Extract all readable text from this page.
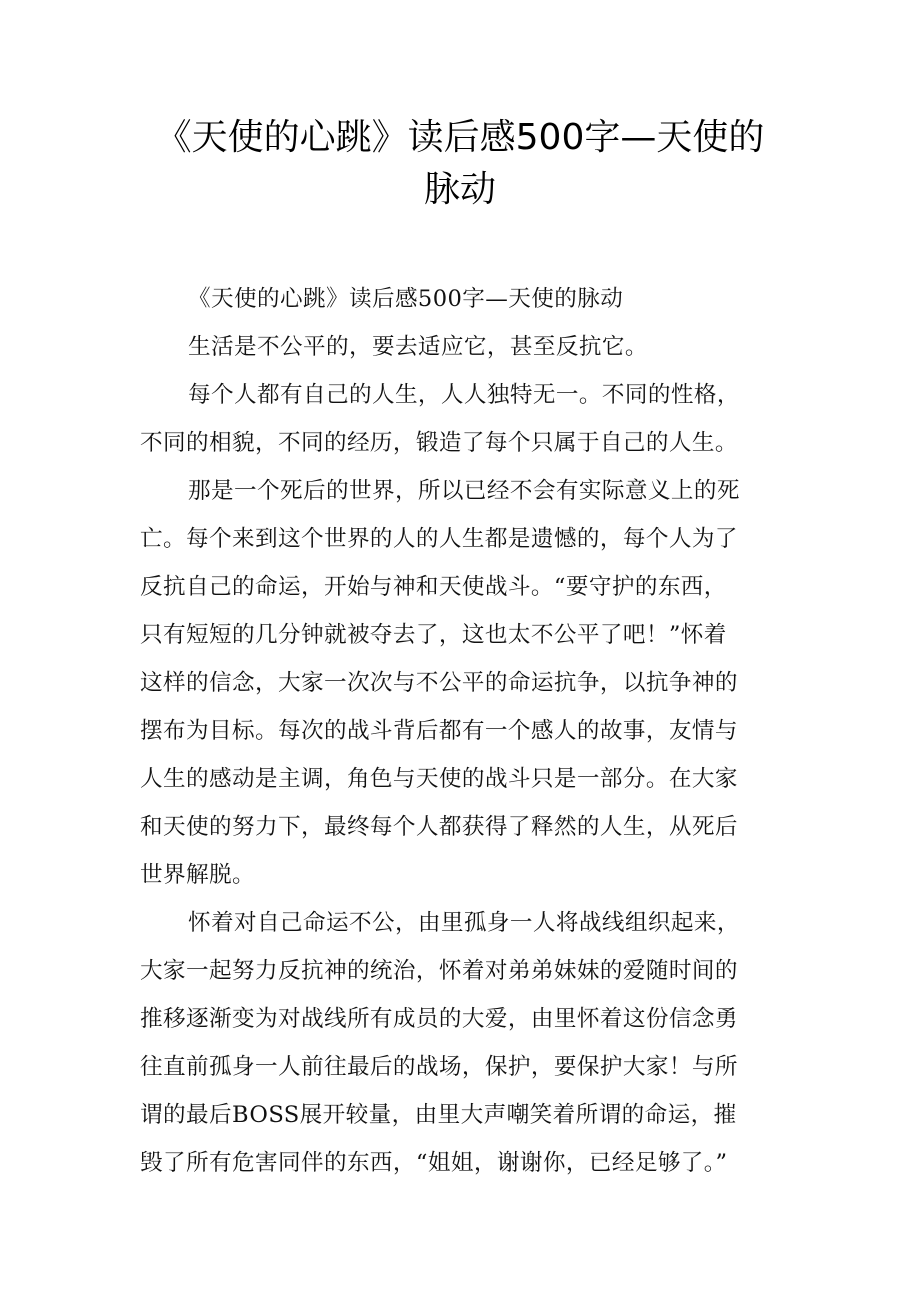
《天使的心跳》读后感500字—天使的
脉动
《天使的心跳》读后感500字—天使的脉动
生活是不公平的，要去适应它，甚至反抗它。
每个人都有自己的人生，人人独特无一。不同的性格，
不同的相貌，不同的经历，锻造了每个只属于自己的人生。
那是一个死后的世界，所以已经不会有实际意义上的死
亡。每个来到这个世界的人的人生都是遗憾的，每个人为了
反抗自己的命运，开始与神和天使战斗。“要守护的东西，
只有短短的几分钟就被夺去了，这也太不公平了吧！”怀着
这样的信念，大家一次次与不公平的命运抗争，以抗争神的
摆布为目标。每次的战斗背后都有一个感人的故事，友情与
人生的感动是主调，角色与天使的战斗只是一部分。在大家
和天使的努力下，最终每个人都获得了释然的人生，从死后
世界解脱。
怀着对自己命运不公，由里孤身一人将战线组织起来，
大家一起努力反抗神的统治，怀着对弟弟妹妹的爱随时间的
推移逐渐变为对战线所有成员的大爱，由里怀着这份信念勇
往直前孤身一人前往最后的战场，保护，要保护大家！与所
谓的最后BOSS展开较量，由里大声嘲笑着所谓的命运，摧
毁了所有危害同伴的东西，“姐姐，谢谢你，已经足够了。”
